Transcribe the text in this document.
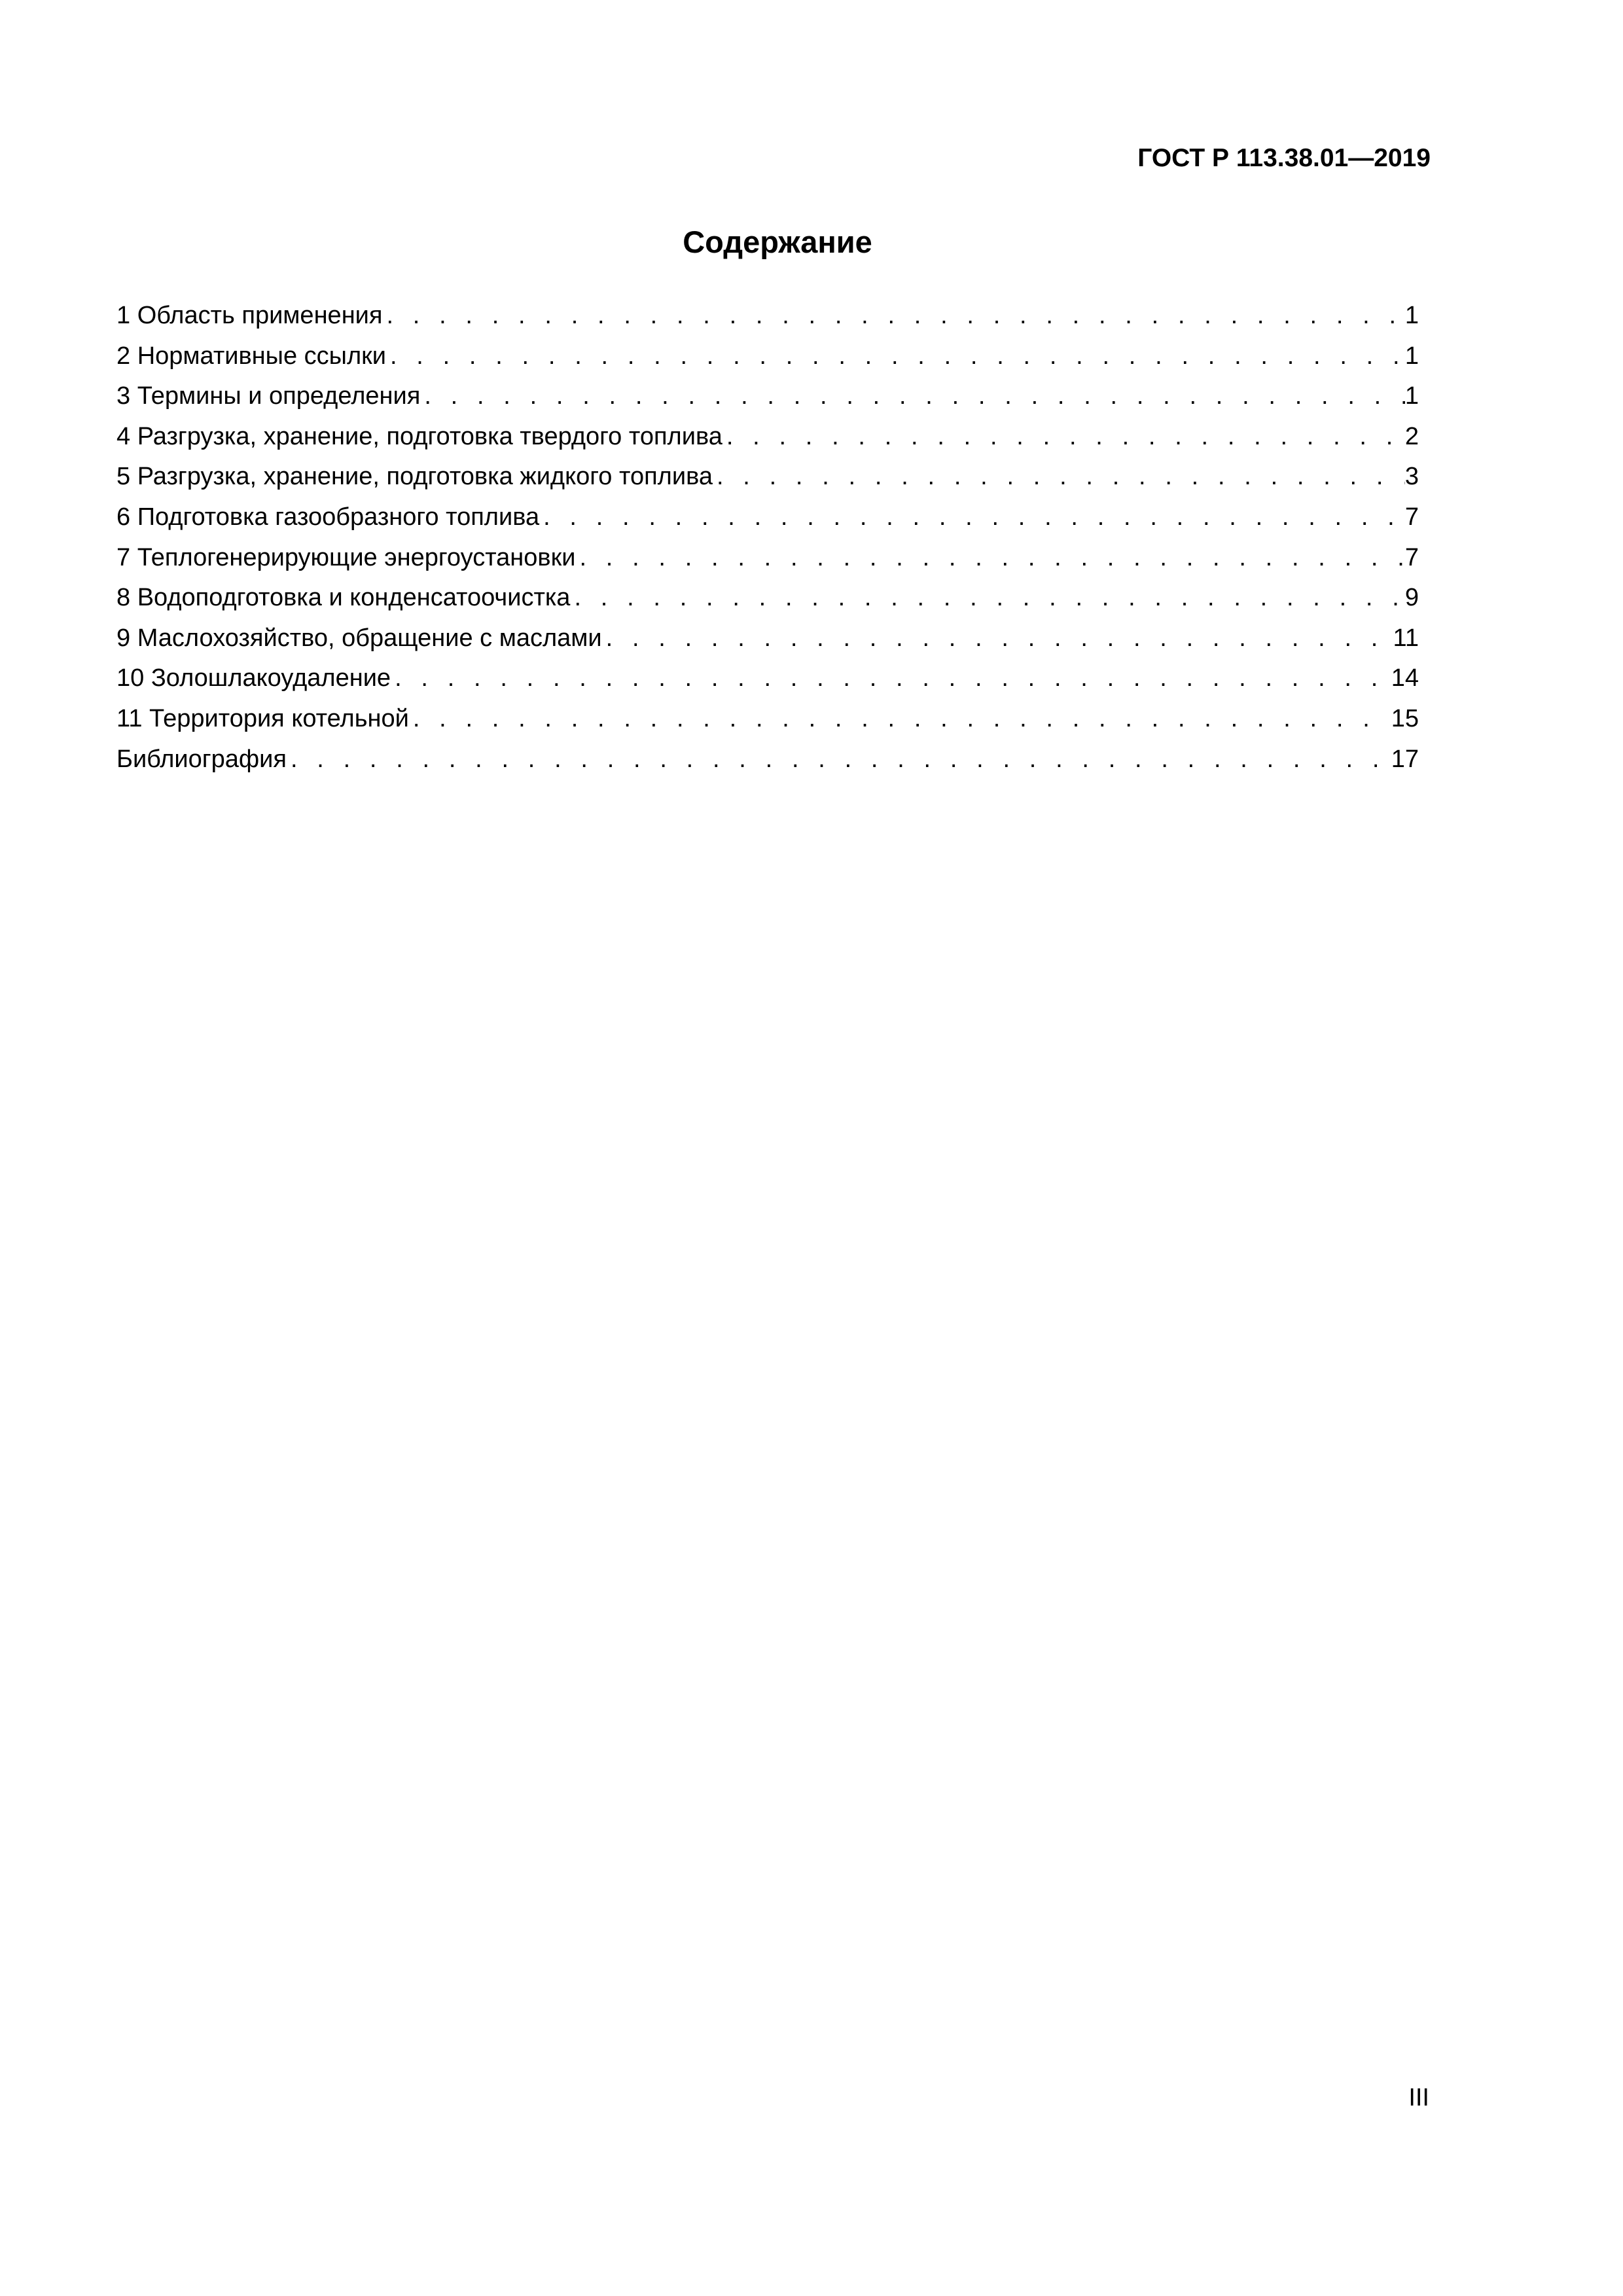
ГОСТ Р 113.38.01—2019
Содержание
1 Область применения . . .	1
2 Нормативные ссылки . . .	1
3 Термины и определения . . .	1
4 Разгрузка, хранение, подготовка твердого топлива . . .	2
5 Разгрузка, хранение, подготовка жидкого топлива . . .	3
6 Подготовка газообразного топлива . . .	7
7 Теплогенерирующие энергоустановки . . .	7
8 Водоподготовка и конденсатоочистка . . .	9
9 Маслохозяйство, обращение с маслами . . .	11
10 Золошлакоудаление . . .	14
11 Территория котельной . . .	15
Библиография . . .	17
III
